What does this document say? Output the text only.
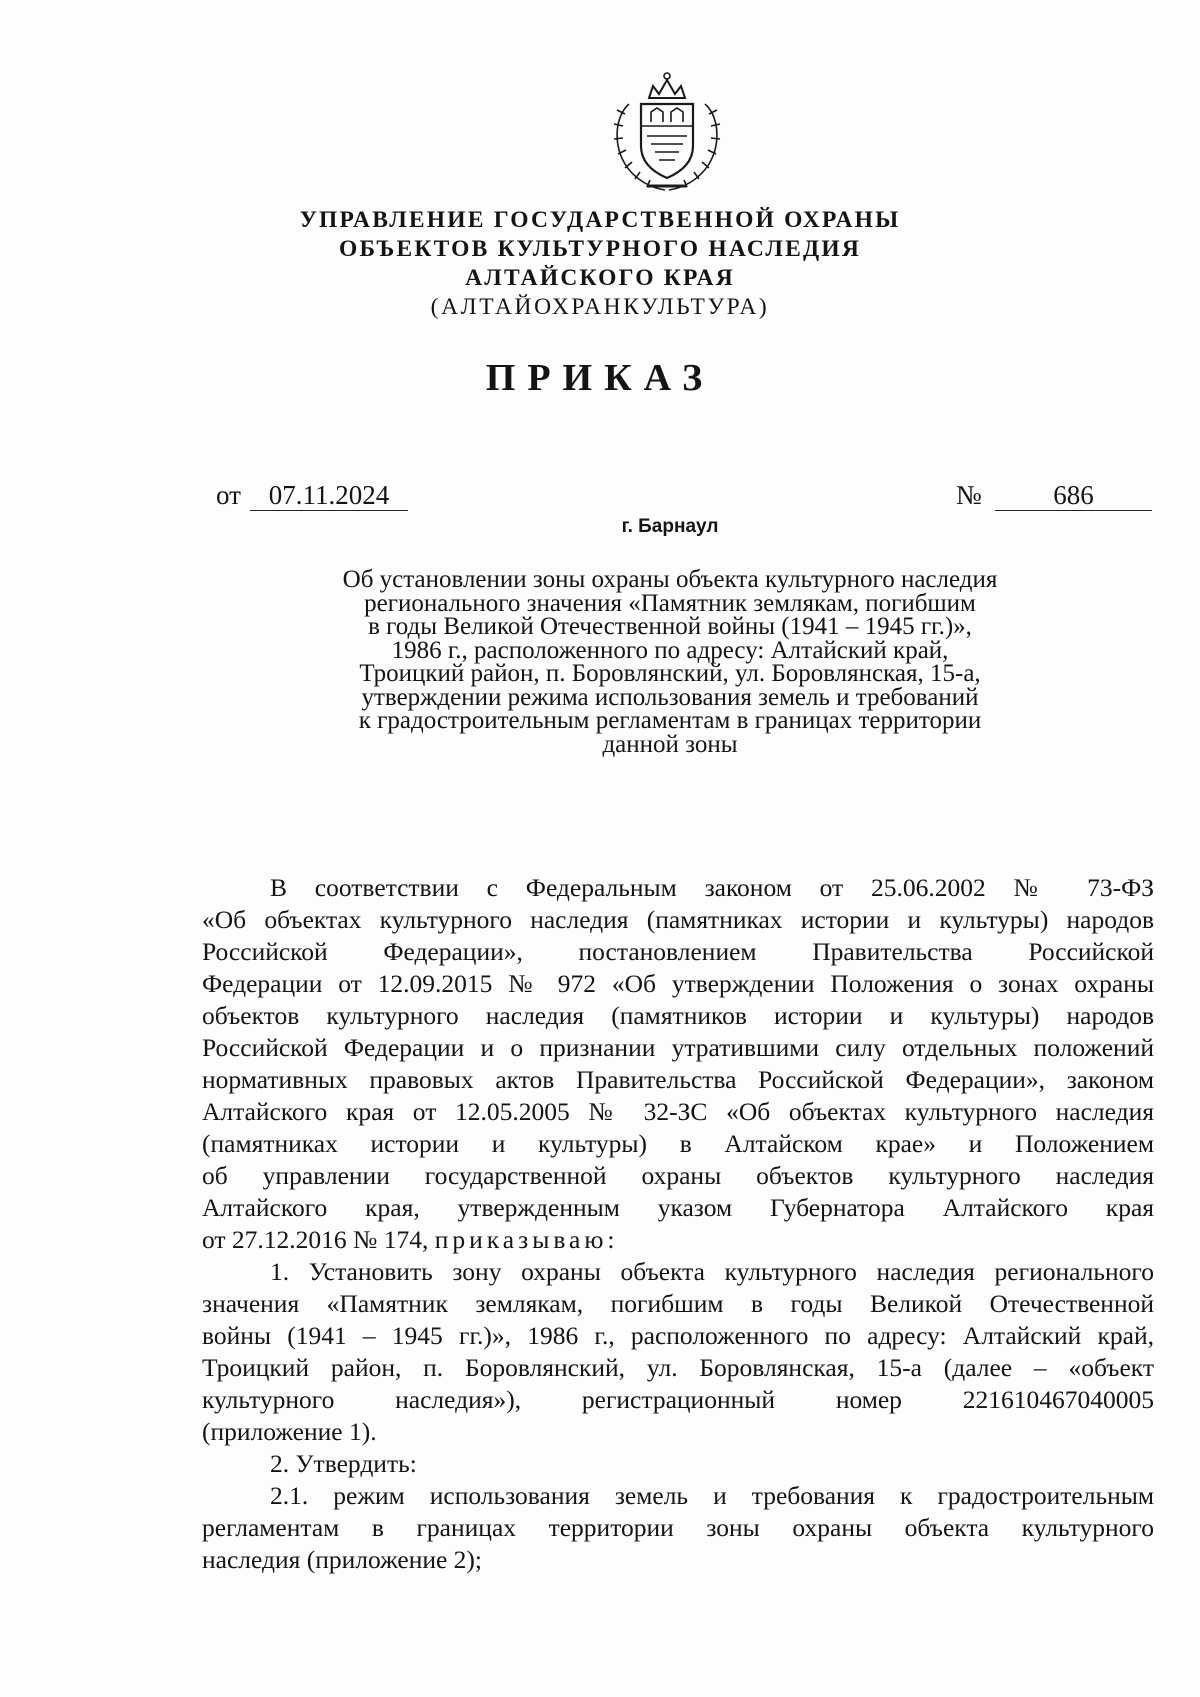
УПРАВЛЕНИЕ ГОСУДАРСТВЕННОЙ ОХРАНЫ
ОБЪЕКТОВ КУЛЬТУРНОГО НАСЛЕДИЯ
АЛТАЙСКОГО КРАЯ
(АЛТАЙОХРАНКУЛЬТУРА)
ПРИКАЗ
от	07.11.2024	№	686
г. Барнаул
Об установлении зоны охраны объекта культурного наследия
регионального значения «Памятник землякам, погибшим
в годы Великой Отечественной войны (1941 – 1945 гг.)»,
1986 г., расположенного по адресу: Алтайский край,
Троицкий район, п. Боровлянский, ул. Боровлянская, 15-а,
утверждении режима использования земель и требований
к градостроительным регламентам в границах территории
данной зоны
В соответствии с Федеральным законом от 25.06.2002 № 73-ФЗ
«Об объектах культурного наследия (памятниках истории и культуры) народов
Российской Федерации», постановлением Правительства Российской
Федерации от 12.09.2015 № 972 «Об утверждении Положения о зонах охраны
объектов культурного наследия (памятников истории и культуры) народов
Российской Федерации и о признании утратившими силу отдельных положений
нормативных правовых актов Правительства Российской Федерации», законом
Алтайского края от 12.05.2005 № 32-ЗС «Об объектах культурного наследия
(памятниках истории и культуры) в Алтайском крае» и Положением
об управлении государственной охраны объектов культурного наследия
Алтайского края, утвержденным указом Губернатора Алтайского края
от 27.12.2016 № 174, приказываю:
1. Установить зону охраны объекта культурного наследия регионального
значения «Памятник землякам, погибшим в годы Великой Отечественной
войны (1941 – 1945 гг.)», 1986 г., расположенного по адресу: Алтайский край,
Троицкий район, п. Боровлянский, ул. Боровлянская, 15-а (далее – «объект
культурного наследия»), регистрационный номер 221610467040005
(приложение 1).
2. Утвердить:
2.1. режим использования земель и требования к градостроительным
регламентам в границах территории зоны охраны объекта культурного
наследия (приложение 2);
